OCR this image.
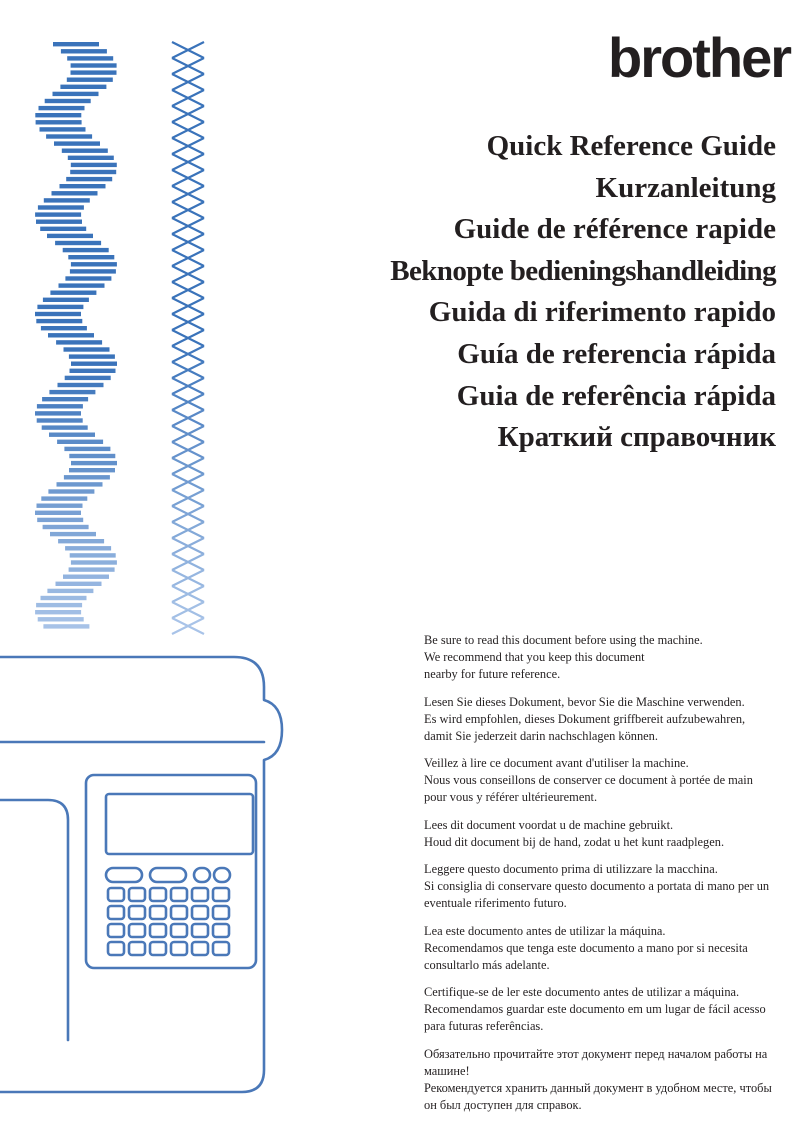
brother
Quick Reference Guide
Kurzanleitung
Guide de référence rapide
Beknopte bedieningshandleiding
Guida di riferimento rapido
Guía de referencia rápida
Guia de referência rápida
Краткий справочник

Be sure to read this document before using the machine.
We recommend that you keep this document
nearby for future reference.

Lesen Sie dieses Dokument, bevor Sie die Maschine verwenden.
Es wird empfohlen, dieses Dokument griffbereit aufzubewahren,
damit Sie jederzeit darin nachschlagen können.

Veillez à lire ce document avant d'utiliser la machine.
Nous vous conseillons de conserver ce document à portée de main
pour vous y référer ultérieurement.

Lees dit document voordat u de machine gebruikt.
Houd dit document bij de hand, zodat u het kunt raadplegen.

Leggere questo documento prima di utilizzare la macchina.
Si consiglia di conservare questo documento a portata di mano per un
eventuale riferimento futuro.

Lea este documento antes de utilizar la máquina.
Recomendamos que tenga este documento a mano por si necesita
consultarlo más adelante.

Certifique-se de ler este documento antes de utilizar a máquina.
Recomendamos guardar este documento em um lugar de fácil acesso
para futuras referências.

Обязательно прочитайте этот документ перед началом работы на
машине!
Рекомендуется хранить данный документ в удобном месте, чтобы
он был доступен для справок.
